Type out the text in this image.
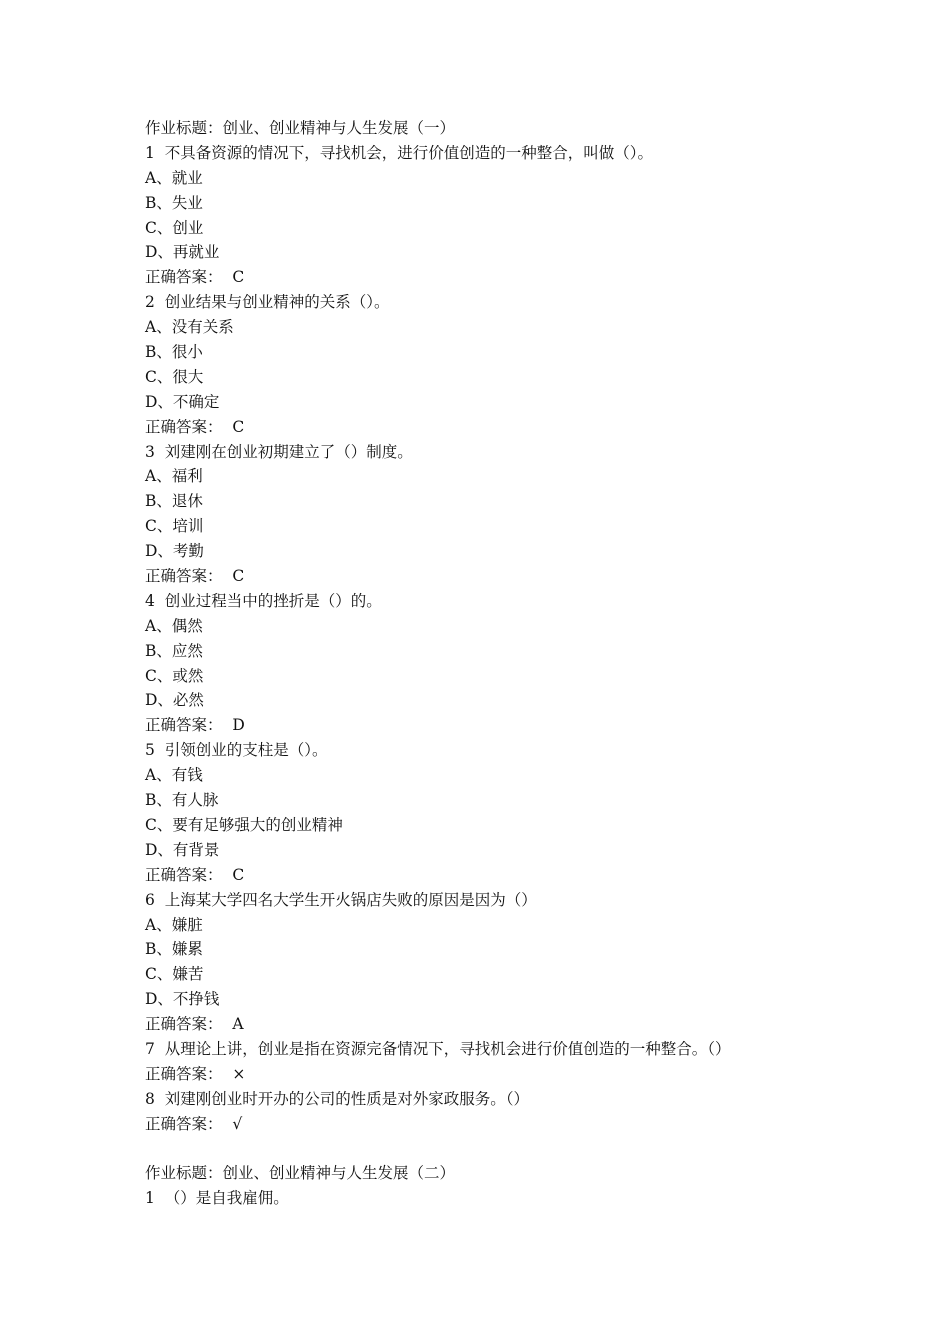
作业标题：创业、创业精神与人生发展（一）
1  不具备资源的情况下，寻找机会，进行价值创造的一种整合，叫做（）。
A、就业
B、失业
C、创业
D、再就业
正确答案：  C
2  创业结果与创业精神的关系（）。
A、没有关系
B、很小
C、很大
D、不确定
正确答案：  C
3  刘建刚在创业初期建立了（）制度。
A、福利
B、退休
C、培训
D、考勤
正确答案：  C
4  创业过程当中的挫折是（）的。
A、偶然
B、应然
C、或然
D、必然
正确答案：  D
5  引领创业的支柱是（）。
A、有钱
B、有人脉
C、要有足够强大的创业精神
D、有背景
正确答案：  C
6  上海某大学四名大学生开火锅店失败的原因是因为（）
A、嫌脏
B、嫌累
C、嫌苦
D、不挣钱
正确答案：  A
7  从理论上讲，创业是指在资源完备情况下，寻找机会进行价值创造的一种整合。（）
正确答案：  ×
8  刘建刚创业时开办的公司的性质是对外家政服务。（）
正确答案：  √
作业标题：创业、创业精神与人生发展（二）
1  （）是自我雇佣。
